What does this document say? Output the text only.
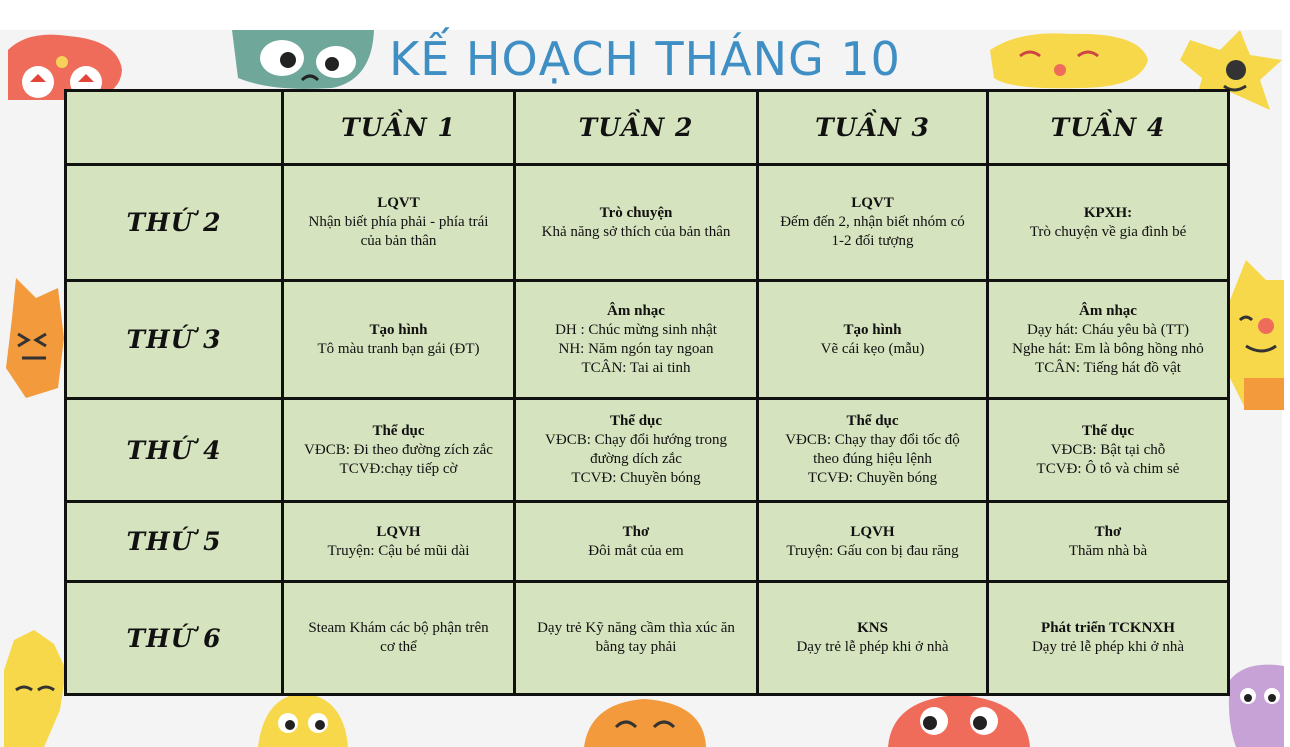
KẾ HOẠCH THÁNG 10
	TUẦN 1	TUẦN 2	TUẦN 3	TUẦN 4
THỨ 2	LQVT
Nhận biết phía phải - phía trái
của bản thân	Trò chuyện
Khả năng sở thích của bản thân	LQVT
Đếm đến 2, nhận biết nhóm có
1-2 đối tượng	KPXH:
Trò chuyện về gia đình bé

THỨ 3	Tạo hình
Tô màu tranh bạn gái (ĐT)	Âm nhạc
DH : Chúc mừng sinh nhật
NH: Năm ngón tay ngoan
TCÂN: Tai ai tinh	Tạo hình
Vẽ cái kẹo (mẫu)	Âm nhạc
Dạy hát: Cháu yêu bà (TT)
Nghe hát: Em là bông hồng nhỏ
TCÂN: Tiếng hát đồ vật

THỨ 4	Thể dục
VĐCB: Đi theo đường zích zắc
TCVĐ:chạy tiếp cờ	Thể dục
VĐCB: Chạy đổi hướng trong
đường dích zắc
TCVĐ: Chuyền bóng	Thể dục
VĐCB: Chạy thay đổi tốc độ
theo đúng hiệu lệnh
TCVĐ: Chuyền bóng	Thể dục
VĐCB: Bật tại chỗ
TCVĐ: Ô tô và chim sẻ

THỨ 5	LQVH
Truyện: Cậu bé mũi dài	Thơ
Đôi mắt của em	LQVH
Truyện: Gấu con bị đau răng	Thơ
Thăm nhà bà

THỨ 6	Steam Khám các bộ phận trên
cơ thể	Dạy trẻ Kỹ năng cầm thìa xúc ăn
bằng tay phải	KNS
Dạy trẻ lễ phép khi ở nhà	Phát triển TCKNXH
Dạy trẻ lễ phép khi ở nhà
